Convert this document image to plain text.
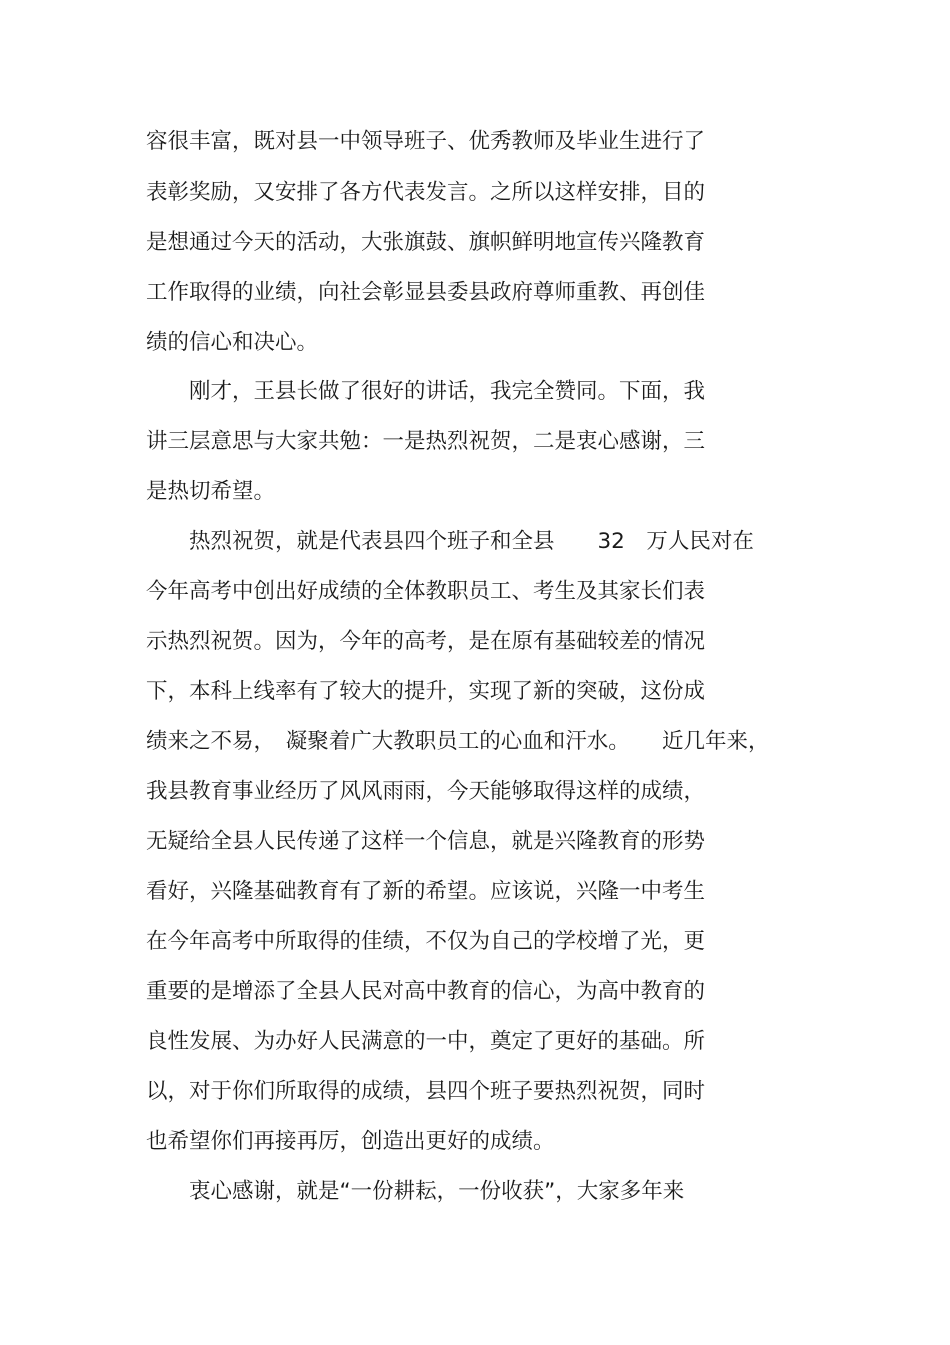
容很丰富，既对县一中领导班子、优秀教师及毕业生进行了

表彰奖励，又安排了各方代表发言。之所以这样安排，目的

是想通过今天的活动，大张旗鼓、旗帜鲜明地宣传兴隆教育

工作取得的业绩，向社会彰显县委县政府尊师重教、再创佳

绩的信心和决心。

　　刚才，王县长做了很好的讲话，我完全赞同。下面，我

讲三层意思与大家共勉：一是热烈祝贺，二是衷心感谢，三

是热切希望。

　　热烈祝贺，就是代表县四个班子和全县　　32　万人民对在

今年高考中创出好成绩的全体教职员工、考生及其家长们表

示热烈祝贺。因为，今年的高考，是在原有基础较差的情况

下，本科上线率有了较大的提升，实现了新的突破，这份成

绩来之不易，　凝聚着广大教职员工的心血和汗水。　　近几年来，

我县教育事业经历了风风雨雨，今天能够取得这样的成绩，

无疑给全县人民传递了这样一个信息，就是兴隆教育的形势

看好，兴隆基础教育有了新的希望。应该说，兴隆一中考生

在今年高考中所取得的佳绩，不仅为自己的学校增了光，更

重要的是增添了全县人民对高中教育的信心，为高中教育的

良性发展、为办好人民满意的一中，奠定了更好的基础。所

以，对于你们所取得的成绩，县四个班子要热烈祝贺，同时

也希望你们再接再厉，创造出更好的成绩。

　　衷心感谢，就是“一份耕耘，一份收获”，大家多年来
